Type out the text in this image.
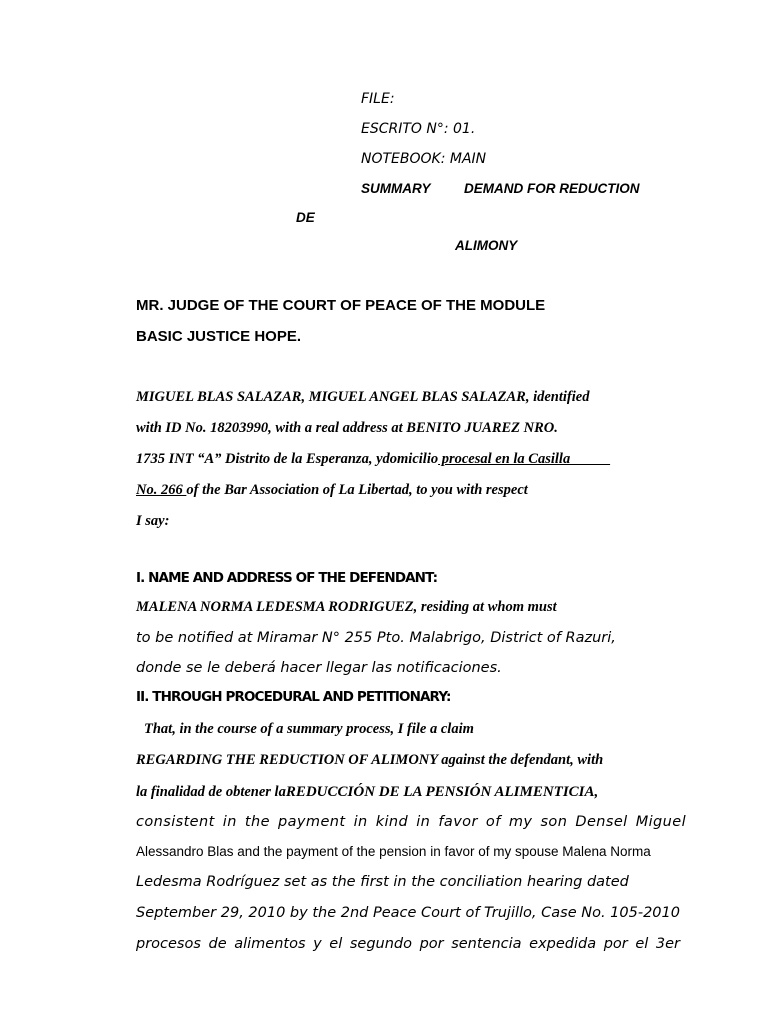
FILE:
ESCRITO N°: 01.
NOTEBOOK: MAIN
SUMMARY DEMAND FOR REDUCTION
DE
ALIMONY
MR. JUDGE OF THE COURT OF PEACE OF THE MODULE
BASIC JUSTICE HOPE.
MIGUEL BLAS SALAZAR, MIGUEL ANGEL BLAS SALAZAR, identified
with ID No. 18203990, with a real address at BENITO JUAREZ NRO.
1735 INT “A” Distrito de la Esperanza, ydomicilio procesal en la Casilla
No. 266 of the Bar Association of La Libertad, to you with respect
I say:
I. NAME AND ADDRESS OF THE DEFENDANT:
MALENA NORMA LEDESMA RODRIGUEZ, residing at whom must
to be notified at Miramar N° 255 Pto. Malabrigo, District of Razuri,
donde se le deberá hacer llegar las notificaciones.
II. THROUGH PROCEDURAL AND PETITIONARY:
That, in the course of a summary process, I file a claim
REGARDING THE REDUCTION OF ALIMONY against the defendant, with
la finalidad de obtener laREDUCCIÓN DE LA PENSIÓN ALIMENTICIA,
consistent in the payment in kind in favor of my son Densel Miguel
Alessandro Blas and the payment of the pension in favor of my spouse Malena Norma
Ledesma Rodríguez set as the first in the conciliation hearing dated
September 29, 2010 by the 2nd Peace Court of Trujillo, Case No. 105-2010
procesos de alimentos y el segundo por sentencia expedida por el 3er
